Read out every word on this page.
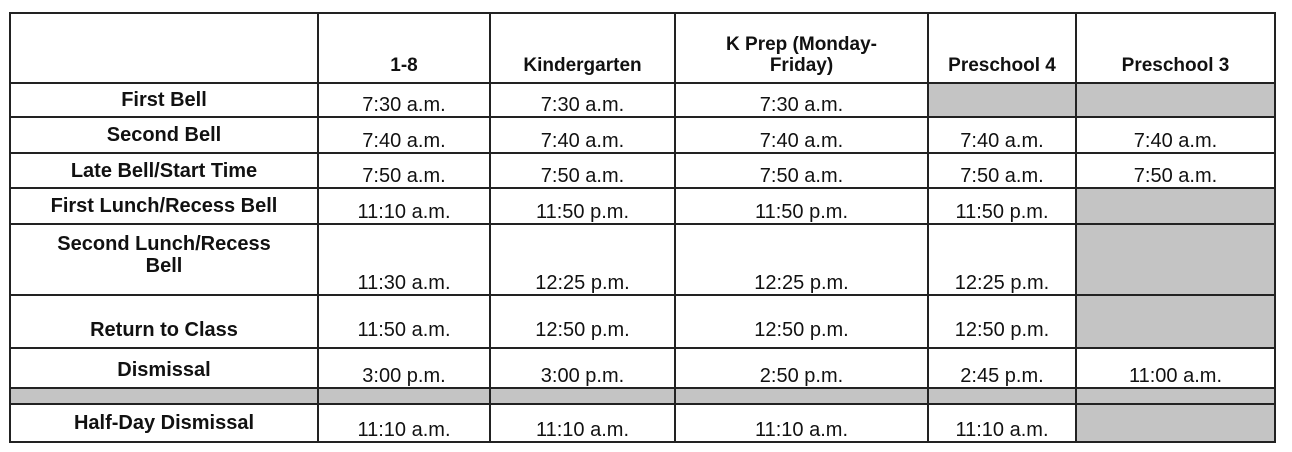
	1-8	Kindergarten	K Prep (Monday-
Friday)	Preschool 4	Preschool 3
First Bell	7:30 a.m.	7:30 a.m.	7:30 a.m.		
Second Bell	7:40 a.m.	7:40 a.m.	7:40 a.m.	7:40 a.m.	7:40 a.m.
Late Bell/Start Time	7:50 a.m.	7:50 a.m.	7:50 a.m.	7:50 a.m.	7:50 a.m.
First Lunch/Recess Bell	11:10 a.m.	11:50 p.m.	11:50 p.m.	11:50 p.m.	
Second Lunch/Recess
Bell	11:30 a.m.	12:25 p.m.	12:25 p.m.	12:25 p.m.	
Return to Class	11:50 a.m.	12:50 p.m.	12:50 p.m.	12:50 p.m.	
Dismissal	3:00 p.m.	3:00 p.m.	2:50 p.m.	2:45 p.m.	11:00 a.m.

Half-Day Dismissal	11:10 a.m.	11:10 a.m.	11:10 a.m.	11:10 a.m.	
